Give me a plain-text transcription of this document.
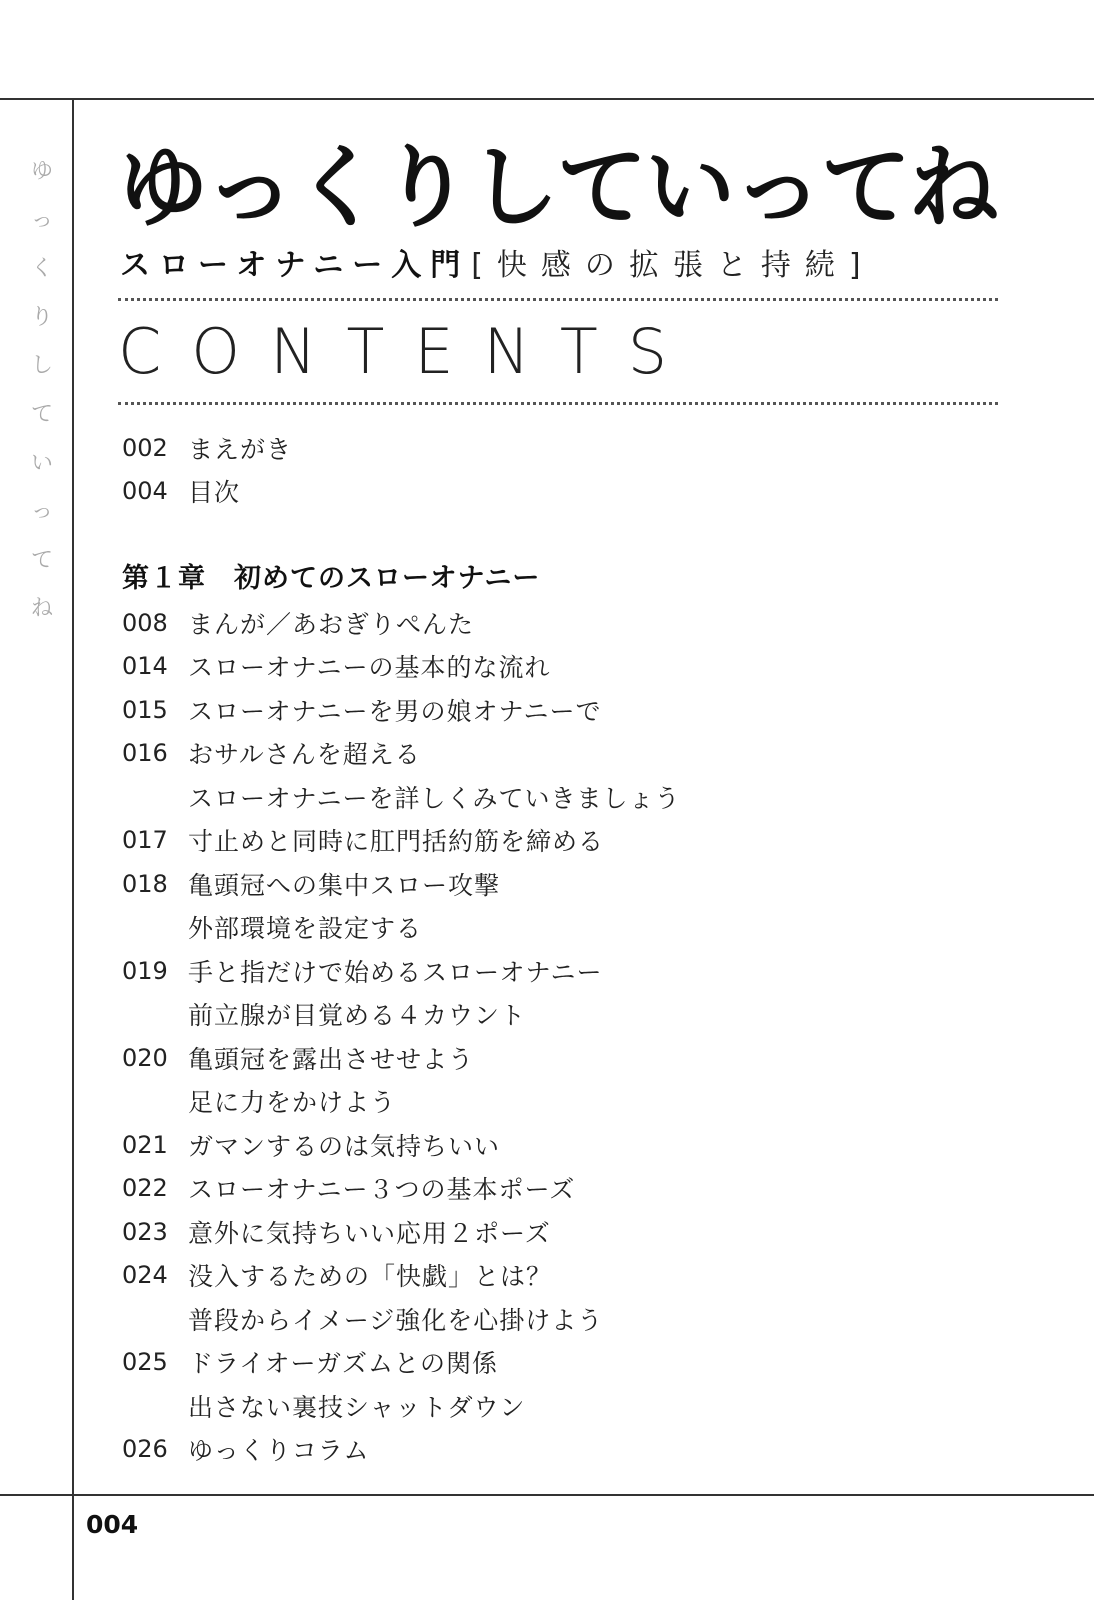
ゆ
っ
く
り
し
て
い
っ
て
ね
ゆっくりしていってね
スローオナニー入門 [快感の拡張と持続]
CONTENTS
002 まえがき
004 目次
第１章　初めてのスローオナニー
008 まんが／あおぎりぺんた
014 スローオナニーの基本的な流れ
015 スローオナニーを男の娘オナニーで
016 おサルさんを超える
スローオナニーを詳しくみていきましょう
017 寸止めと同時に肛門括約筋を締める
018 亀頭冠への集中スロー攻撃
外部環境を設定する
019 手と指だけで始めるスローオナニー
前立腺が目覚める４カウント
020 亀頭冠を露出させせよう
足に力をかけよう
021 ガマンするのは気持ちいい
022 スローオナニー３つの基本ポーズ
023 意外に気持ちいい応用２ポーズ
024 没入するための「快戯」とは？
普段からイメージ強化を心掛けよう
025 ドライオーガズムとの関係
出さない裏技シャットダウン
026 ゆっくりコラム
004
